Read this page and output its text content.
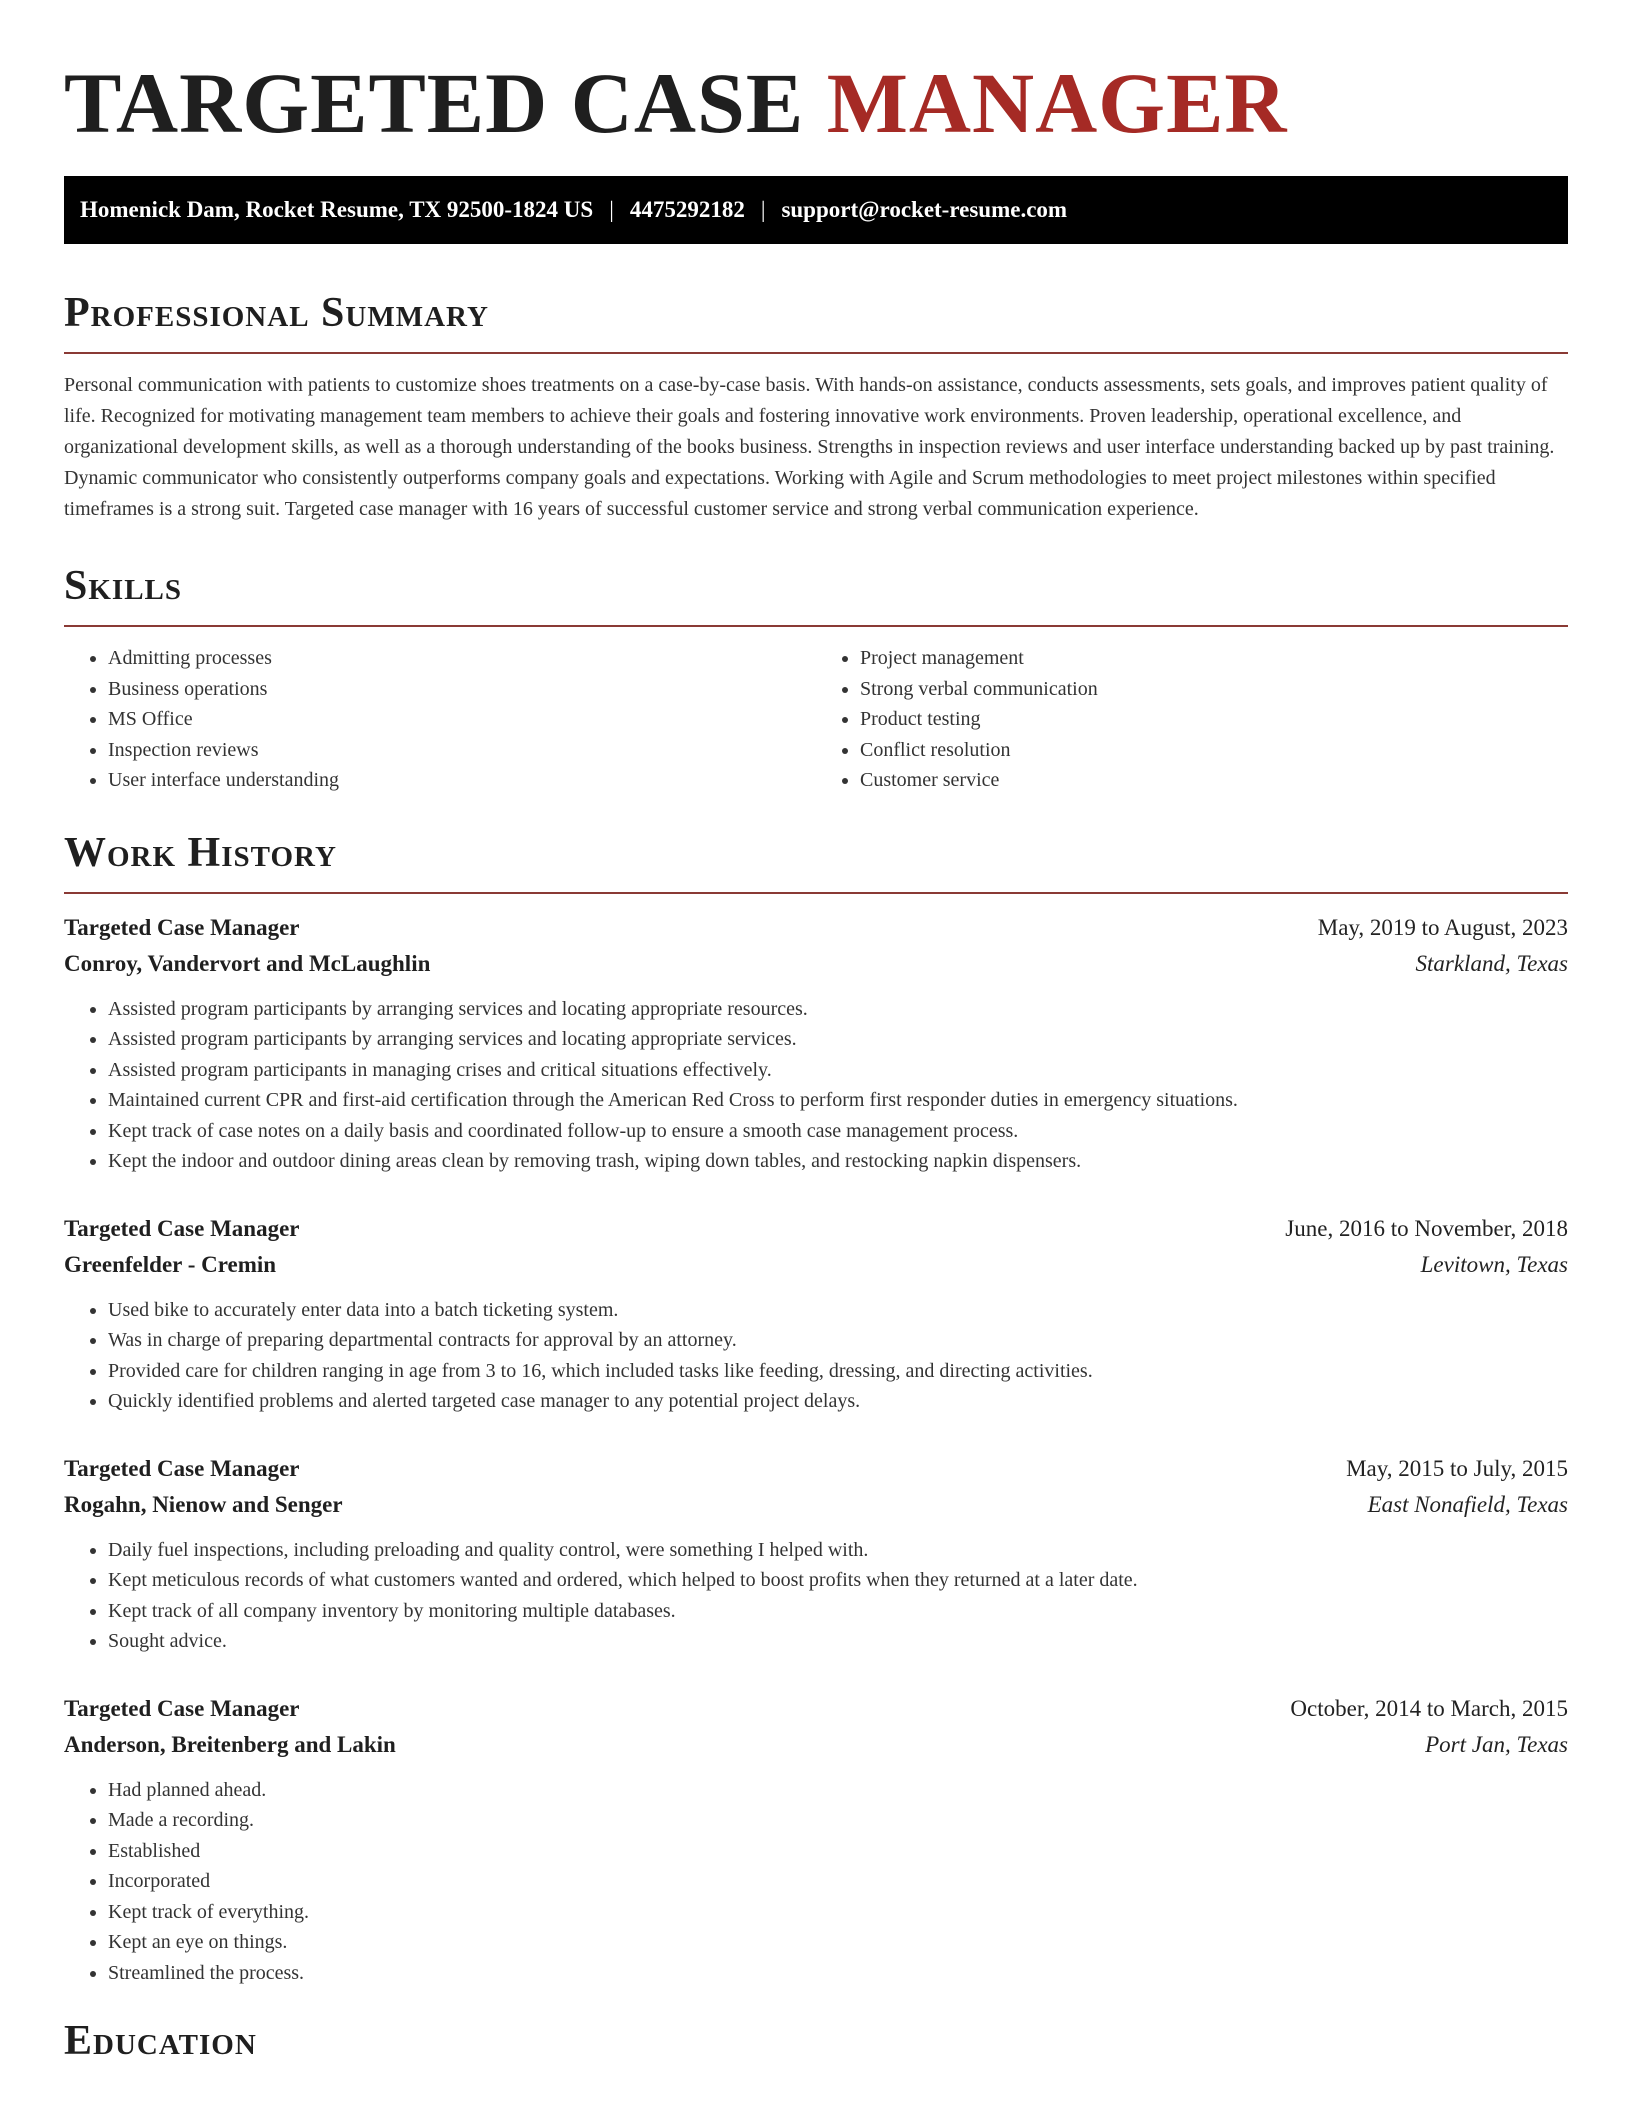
TARGETED CASE MANAGER
Homenick Dam, Rocket Resume, TX 92500-1824 US | 4475292182 | support@rocket-resume.com
Professional Summary

Personal communication with patients to customize shoes treatments on a case-by-case basis. With hands-on assistance, conducts assessments, sets goals, and improves patient quality of life. Recognized for motivating management team members to achieve their goals and fostering innovative work environments. Proven leadership, operational excellence, and organizational development skills, as well as a thorough understanding of the books business. Strengths in inspection reviews and user interface understanding backed up by past training. Dynamic communicator who consistently outperforms company goals and expectations. Working with Agile and Scrum methodologies to meet project milestones within specified timeframes is a strong suit. Targeted case manager with 16 years of successful customer service and strong verbal communication experience.

Skills
• Admitting processes
• Business operations
• MS Office
• Inspection reviews
• User interface understanding
• Project management
• Strong verbal communication
• Product testing
• Conflict resolution
• Customer service
Work History
Targeted Case Manager	May, 2019 to August, 2023
Conroy, Vandervort and McLaughlin	Starkland, Texas
• Assisted program participants by arranging services and locating appropriate resources.
• Assisted program participants by arranging services and locating appropriate services.
• Assisted program participants in managing crises and critical situations effectively.
• Maintained current CPR and first-aid certification through the American Red Cross to perform first responder duties in emergency situations.
• Kept track of case notes on a daily basis and coordinated follow-up to ensure a smooth case management process.
• Kept the indoor and outdoor dining areas clean by removing trash, wiping down tables, and restocking napkin dispensers.
Targeted Case Manager	June, 2016 to November, 2018
Greenfelder - Cremin	Levitown, Texas
• Used bike to accurately enter data into a batch ticketing system.
• Was in charge of preparing departmental contracts for approval by an attorney.
• Provided care for children ranging in age from 3 to 16, which included tasks like feeding, dressing, and directing activities.
• Quickly identified problems and alerted targeted case manager to any potential project delays.
Targeted Case Manager	May, 2015 to July, 2015
Rogahn, Nienow and Senger	East Nonafield, Texas
• Daily fuel inspections, including preloading and quality control, were something I helped with.
• Kept meticulous records of what customers wanted and ordered, which helped to boost profits when they returned at a later date.
• Kept track of all company inventory by monitoring multiple databases.
• Sought advice.
Targeted Case Manager	October, 2014 to March, 2015
Anderson, Breitenberg and Lakin	Port Jan, Texas
• Had planned ahead.
• Made a recording.
• Established
• Incorporated
• Kept track of everything.
• Kept an eye on things.
• Streamlined the process.
Education
